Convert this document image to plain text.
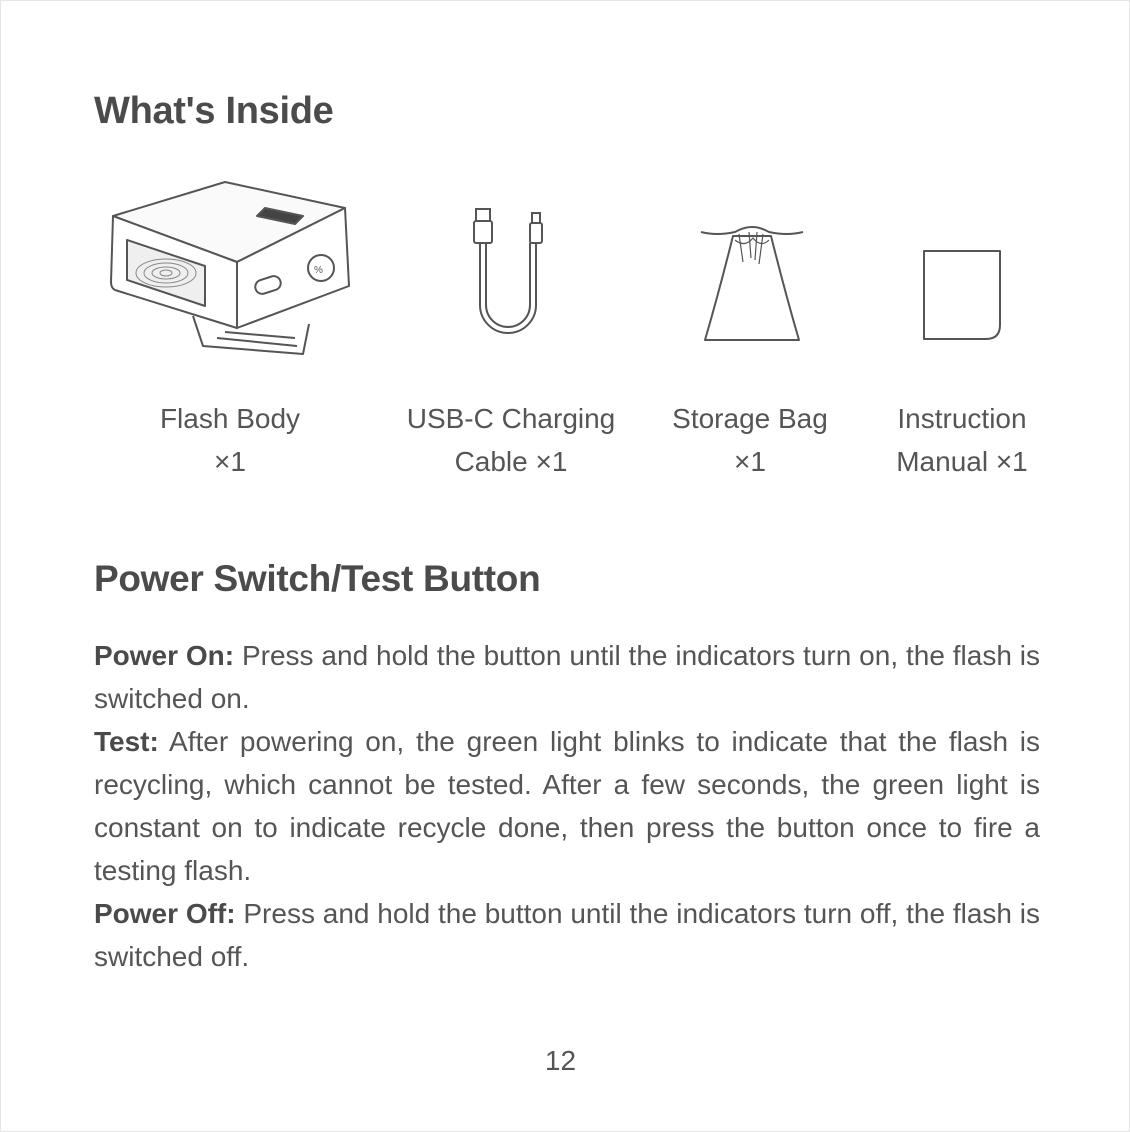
What's Inside
%
Flash Body
×1
USB-C Charging
Cable ×1
Storage Bag
×1
Instruction
Manual ×1
Power Switch/Test Button

Power On: Press and hold the button until the indicators turn on, the flash is switched on.

Test: After powering on, the green light blinks to indicate that the flash is recycling, which cannot be tested. After a few seconds, the green light is constant on to indicate recycle done, then press the button once to fire a testing flash.

Power Off: Press and hold the button until the indicators turn off, the flash is switched off.

12
